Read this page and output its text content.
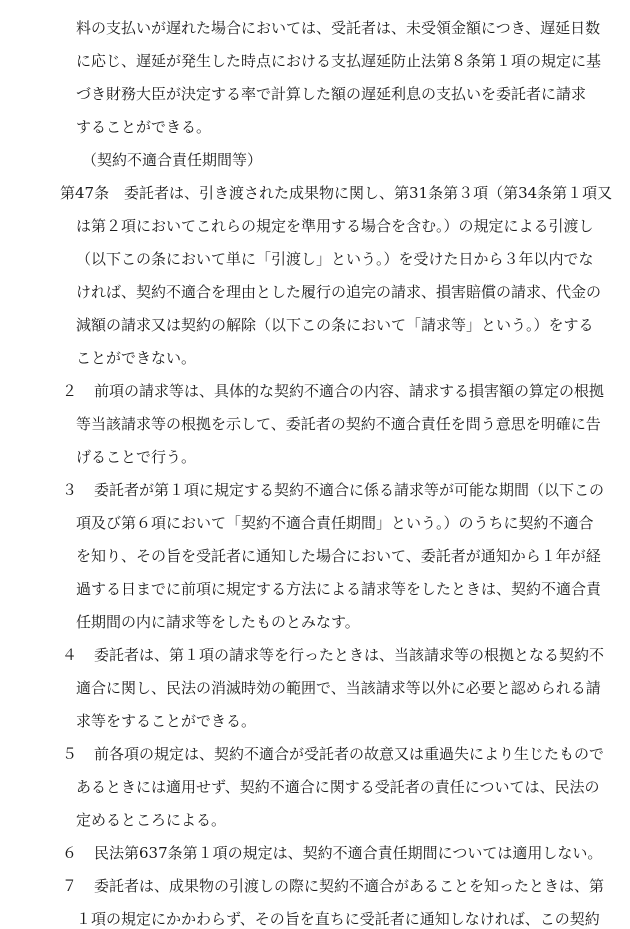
料の支払いが遅れた場合においては、受託者は、未受領金額につき、遅延日数
に応じ、遅延が発生した時点における支払遅延防止法第８条第１項の規定に基
づき財務大臣が決定する率で計算した額の遅延利息の支払いを委託者に請求
することができる。
（契約不適合責任期間等）
第47条 委託者は、引き渡された成果物に関し、第31条第３項（第34条第１項又
は第２項においてこれらの規定を準用する場合を含む。）の規定による引渡し
（以下この条において単に「引渡し」という。）を受けた日から３年以内でな
ければ、契約不適合を理由とした履行の追完の請求、損害賠償の請求、代金の
減額の請求又は契約の解除（以下この条において「請求等」という。）をする
ことができない。
２ 前項の請求等は、具体的な契約不適合の内容、請求する損害額の算定の根拠
等当該請求等の根拠を示して、委託者の契約不適合責任を問う意思を明確に告
げることで行う。
３ 委託者が第１項に規定する契約不適合に係る請求等が可能な期間（以下この
項及び第６項において「契約不適合責任期間」という。）のうちに契約不適合
を知り、その旨を受託者に通知した場合において、委託者が通知から１年が経
過する日までに前項に規定する方法による請求等をしたときは、契約不適合責
任期間の内に請求等をしたものとみなす。
４ 委託者は、第１項の請求等を行ったときは、当該請求等の根拠となる契約不
適合に関し、民法の消滅時効の範囲で、当該請求等以外に必要と認められる請
求等をすることができる。
５ 前各項の規定は、契約不適合が受託者の故意又は重過失により生じたもので
あるときには適用せず、契約不適合に関する受託者の責任については、民法の
定めるところによる。
６ 民法第637条第１項の規定は、契約不適合責任期間については適用しない。
７ 委託者は、成果物の引渡しの際に契約不適合があることを知ったときは、第
１項の規定にかかわらず、その旨を直ちに受託者に通知しなければ、この契約
